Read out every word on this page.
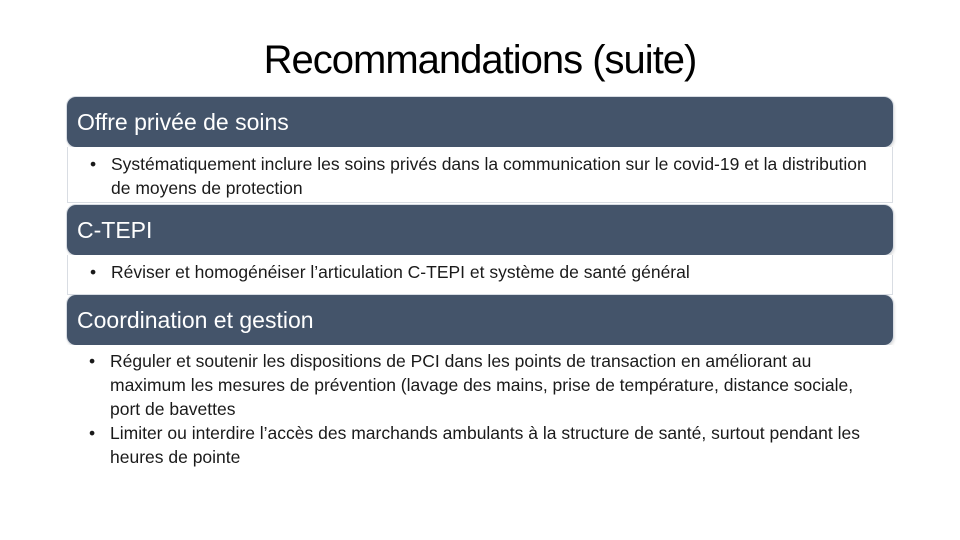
Recommandations (suite)
Offre privée de soins
• Systématiquement inclure les soins privés dans la communication sur le covid-19 et la distribution de moyens de protection
C-TEPI
• Réviser et homogénéiser l’articulation C-TEPI et système de santé général
Coordination et gestion
• Réguler et soutenir les dispositions de PCI dans les points de transaction en améliorant au maximum les mesures de prévention (lavage des mains, prise de température, distance sociale, port de bavettes
• Limiter ou interdire l’accès des marchands ambulants à la structure de santé, surtout pendant les heures de pointe
